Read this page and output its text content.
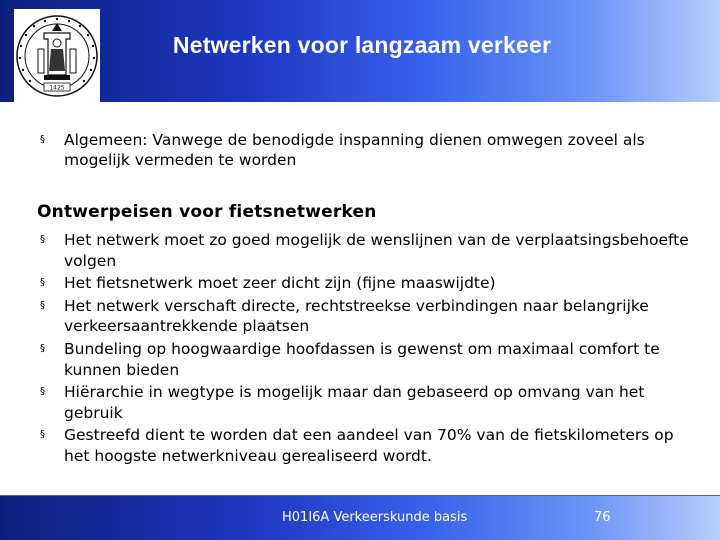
1425
Netwerken voor langzaam verkeer
§ Algemeen: Vanwege de benodigde inspanning dienen omwegen zoveel als mogelijk vermeden te worden
Ontwerpeisen voor fietsnetwerken
§ Het netwerk moet zo goed mogelijk de wenslijnen van de verplaatsingsbehoefte volgen
§ Het fietsnetwerk moet zeer dicht zijn (fijne maaswijdte)
§ Het netwerk verschaft directe, rechtstreekse verbindingen naar belangrijke verkeersaantrekkende plaatsen
§ Bundeling op hoogwaardige hoofdassen is gewenst om maximaal comfort te kunnen bieden
§ Hiërarchie in wegtype is mogelijk maar dan gebaseerd op omvang van het gebruik
§ Gestreefd dient te worden dat een aandeel van 70% van de fietskilometers op het hoogste netwerkniveau gerealiseerd wordt.
H01I6A Verkeerskunde basis	76
